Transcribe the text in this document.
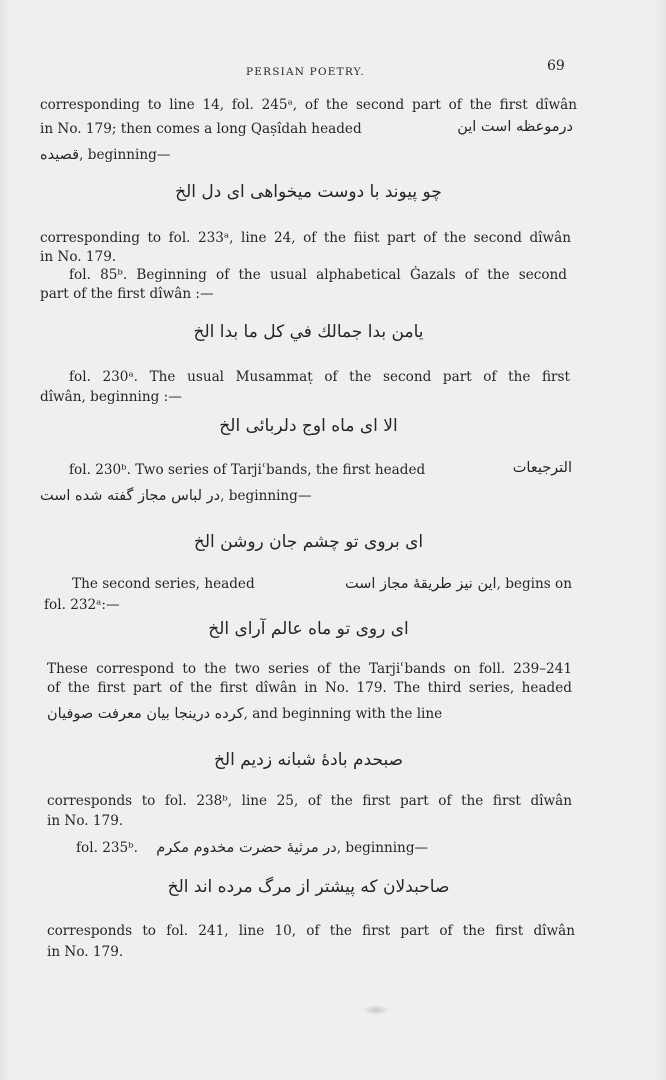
PERSIAN POETRY.	69
corresponding to line 14, fol. 245ᵃ, of the second part of the first dîwân
in No. 179; then comes a long Qaṣîdah headed	درموعظه است این
قصیده, beginning—
چو پیوند با دوست میخواهی ای دل الخ
corresponding to fol. 233ᵃ, line 24, of the fiist part of the second dîwân
in No. 179.
fol. 85ᵇ. Beginning of the usual alphabetical Ġazals of the second
part of the first dîwân :—
یامن بدا جمالك في كل ما بدا الخ
fol. 230ᵃ. The usual Musammaṭ of the second part of the first
dîwân, beginning :—
الا ای ماه اوج دلربائی الخ
fol. 230ᵇ. Two series of Tarjiʿbands, the first headed	الترجیعات
در لباس مجاز گفته شده است, beginning—
ای بروی تو چشم جان روشن الخ
The second series, headed	این نیز طریقهٔ مجاز است, begins on
fol. 232ᵃ:—
ای روی تو ماه عالم آرای الخ
These correspond to the two series of the Tarjiʿbands on foll. 239–241
of the first part of the first dîwân in No. 179. The third series, headed
کرده درینجا بیان معرفت صوفیان, and beginning with the line
صبحدم بادهٔ شبانه زدیم الخ
corresponds to fol. 238ᵇ, line 25, of the first part of the first dîwân
in No. 179.
fol. 235ᵇ. در مرثیهٔ حضرت مخدوم مکرم, beginning—
صاحبدلان که پیشتر از مرگ مرده اند الخ
corresponds to fol. 241, line 10, of the first part of the first dîwân
in No. 179.
